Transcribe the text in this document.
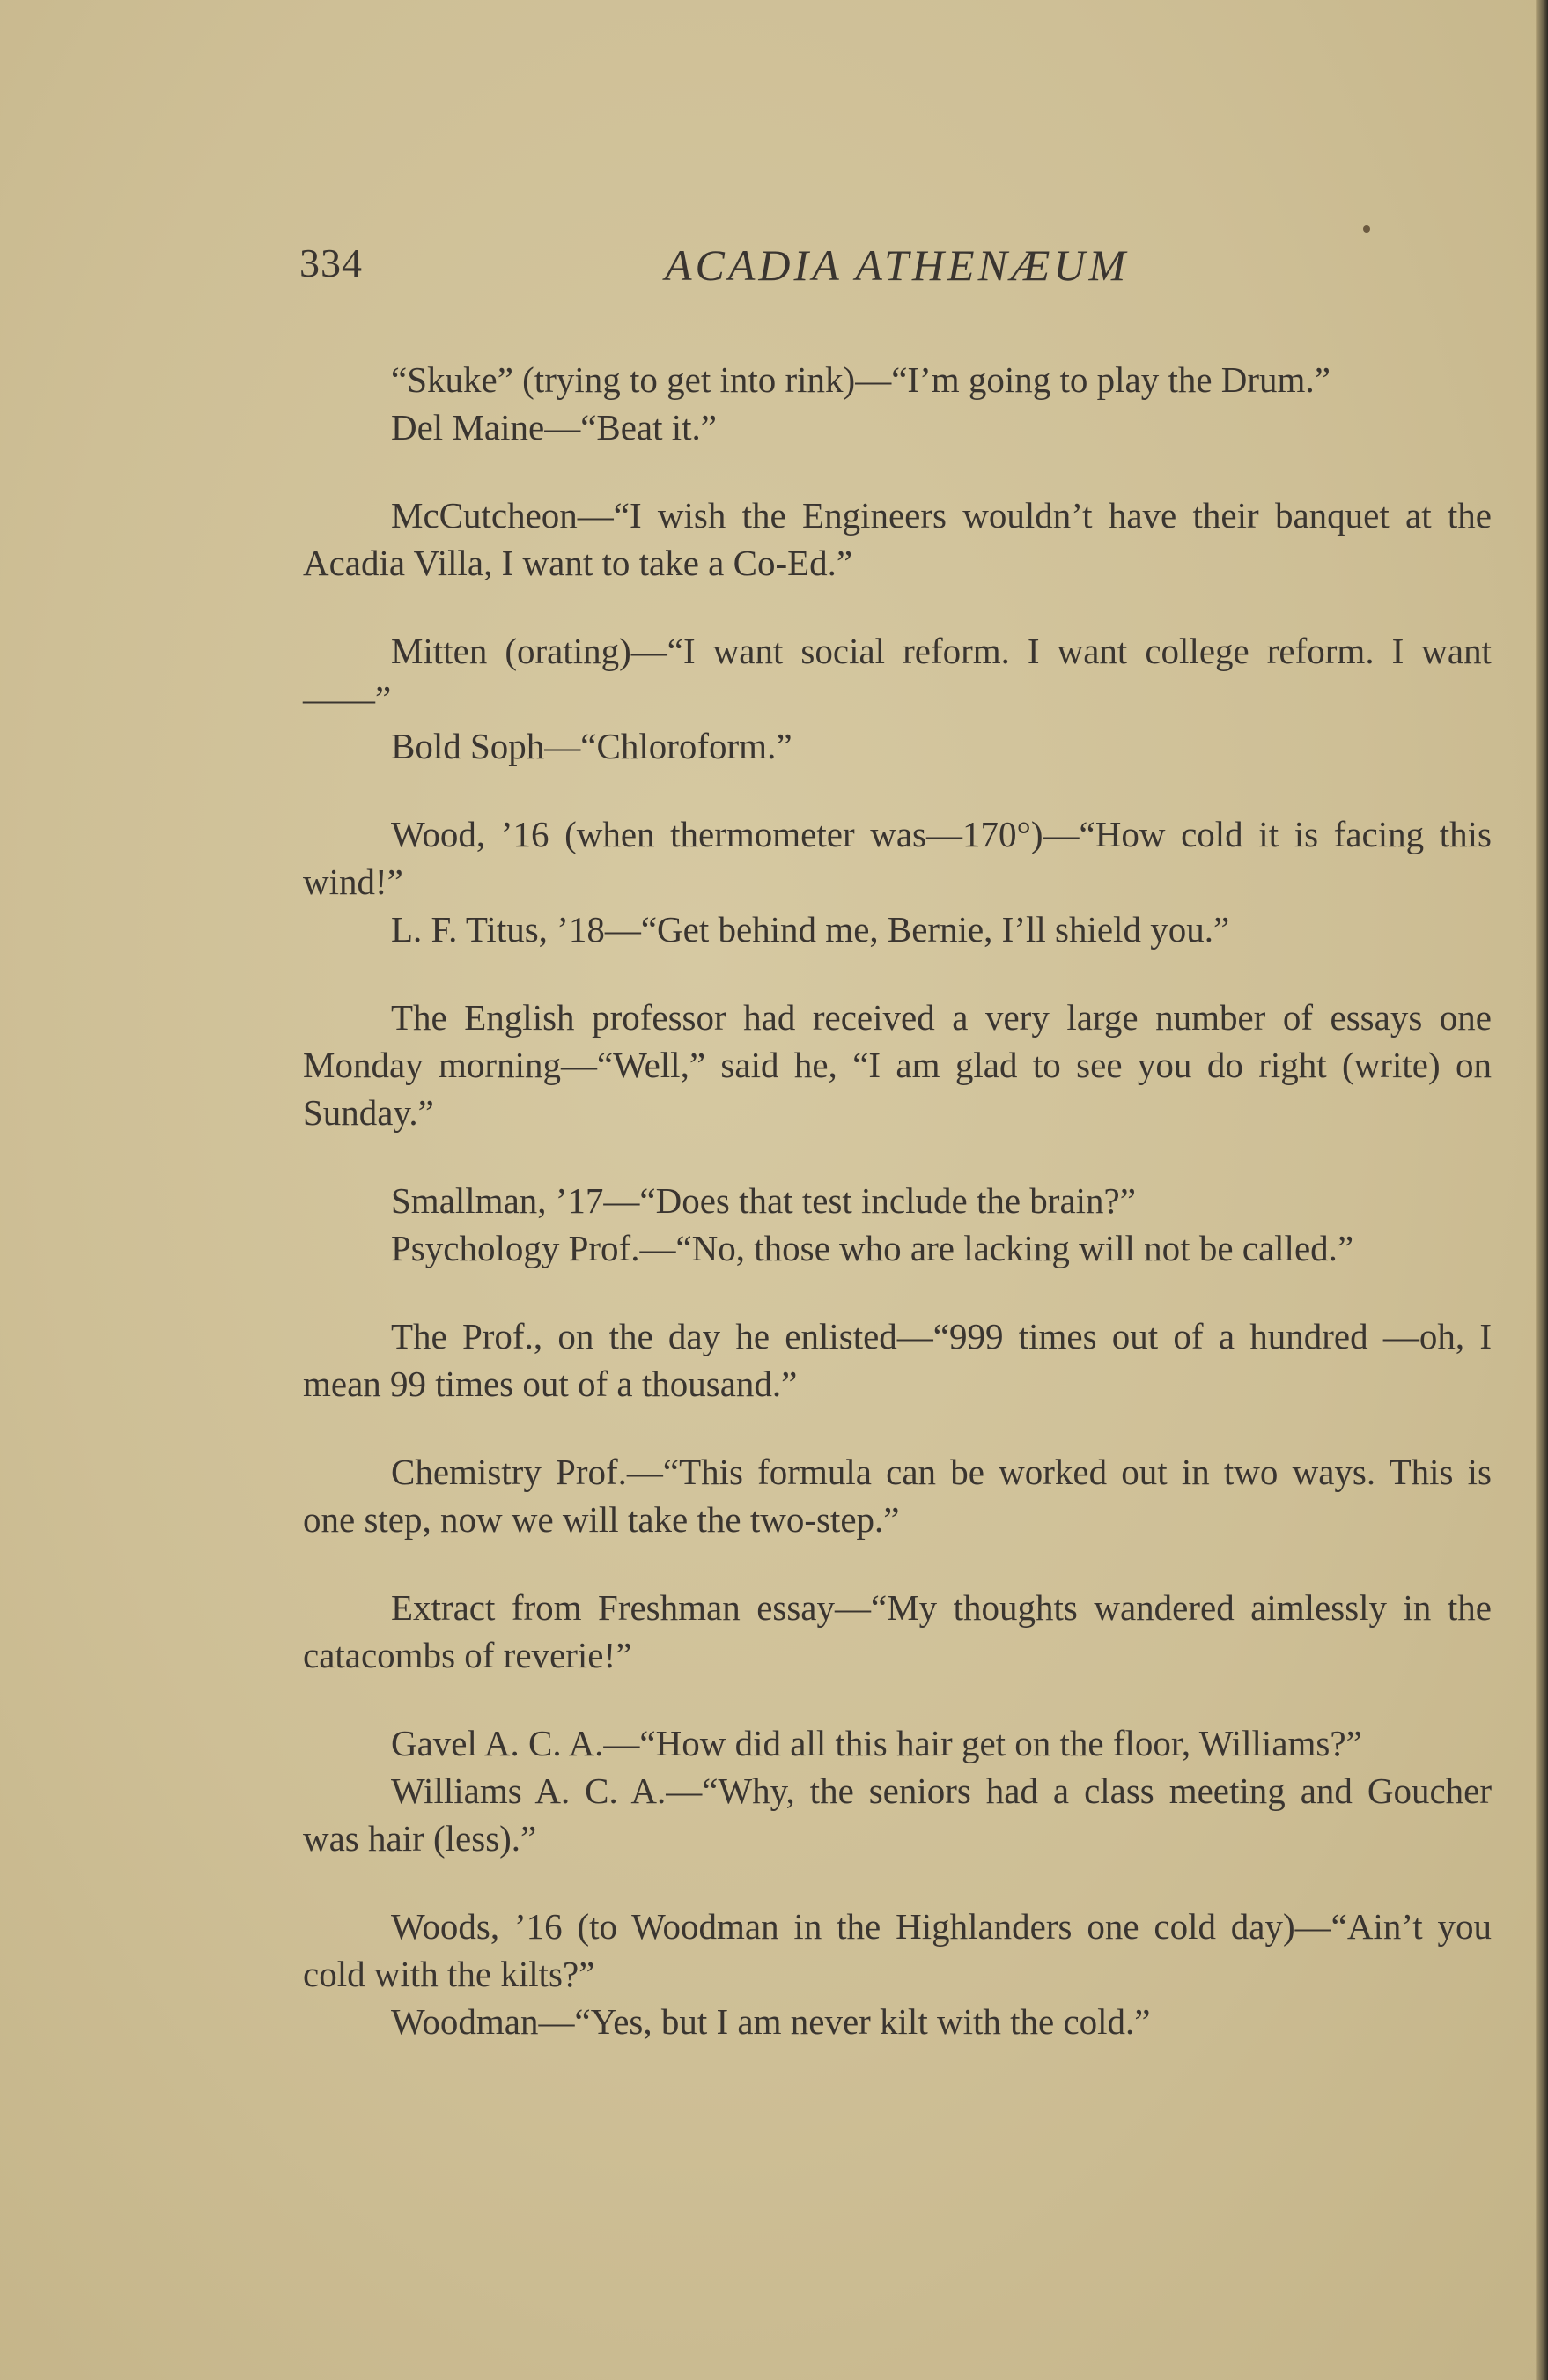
334	ACADIA ATHENÆUM

“Skuke” (trying to get into rink)—“I’m going to play the Drum.”

Del Maine—“Beat it.”

McCutcheon—“I wish the Engineers wouldn’t have their banquet at the Acadia Villa, I want to take a Co-Ed.”

Mitten (orating)—“I want social reform. I want college reform. I want——”

Bold Soph—“Chloroform.”

Wood, ’16 (when thermometer was—170°)—“How cold it is facing this wind!”

L. F. Titus, ’18—“Get behind me, Bernie, I’ll shield you.”

The English professor had received a very large number of essays one Monday morning—“Well,” said he, “I am glad to see you do right (write) on Sunday.”

Smallman, ’17—“Does that test include the brain?”

Psychology Prof.—“No, those who are lacking will not be called.”

The Prof., on the day he enlisted—“999 times out of a hundred —oh, I mean 99 times out of a thousand.”

Chemistry Prof.—“This formula can be worked out in two ways. This is one step, now we will take the two-step.”

Extract from Freshman essay—“My thoughts wandered aimlessly in the catacombs of reverie!”

Gavel A. C. A.—“How did all this hair get on the floor, Williams?”

Williams A. C. A.—“Why, the seniors had a class meeting and Goucher was hair (less).”

Woods, ’16 (to Woodman in the Highlanders one cold day)—“Ain’t you cold with the kilts?”

Woodman—“Yes, but I am never kilt with the cold.”
